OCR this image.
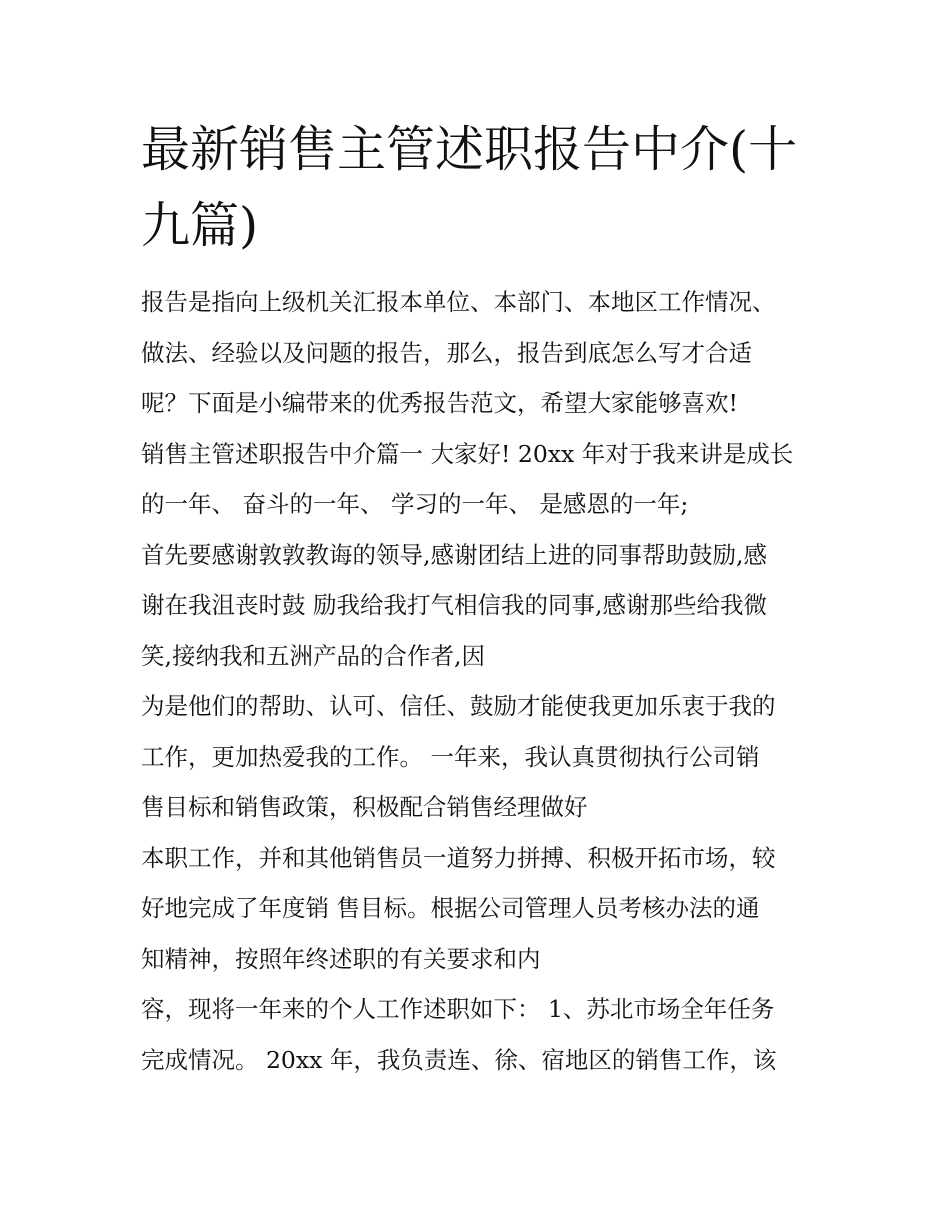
最新销售主管述职报告中介(十
九篇)

报告是指向上级机关汇报本单位、本部门、本地区工作情况、
做法、经验以及问题的报告，那么，报告到底怎么写才合适
呢？下面是小编带来的优秀报告范文，希望大家能够喜欢!

销售主管述职报告中介篇一 大家好! 20xx 年对于我来讲是成长
的一年、 奋斗的一年、 学习的一年、 是感恩的一年;

首先要感谢敦敦教诲的领导,感谢团结上进的同事帮助鼓励,感
谢在我沮丧时鼓 励我给我打气相信我的同事,感谢那些给我微
笑,接纳我和五洲产品的合作者,因

为是他们的帮助、认可、信任、鼓励才能使我更加乐衷于我的
工作，更加热爱我的工作。 一年来，我认真贯彻执行公司销
售目标和销售政策，积极配合销售经理做好

本职工作，并和其他销售员一道努力拼搏、积极开拓市场，较
好地完成了年度销 售目标。根据公司管理人员考核办法的通
知精神，按照年终述职的有关要求和内

容，现将一年来的个人工作述职如下： 1、苏北市场全年任务
完成情况。 20xx 年，我负责连、徐、宿地区的销售工作，该
